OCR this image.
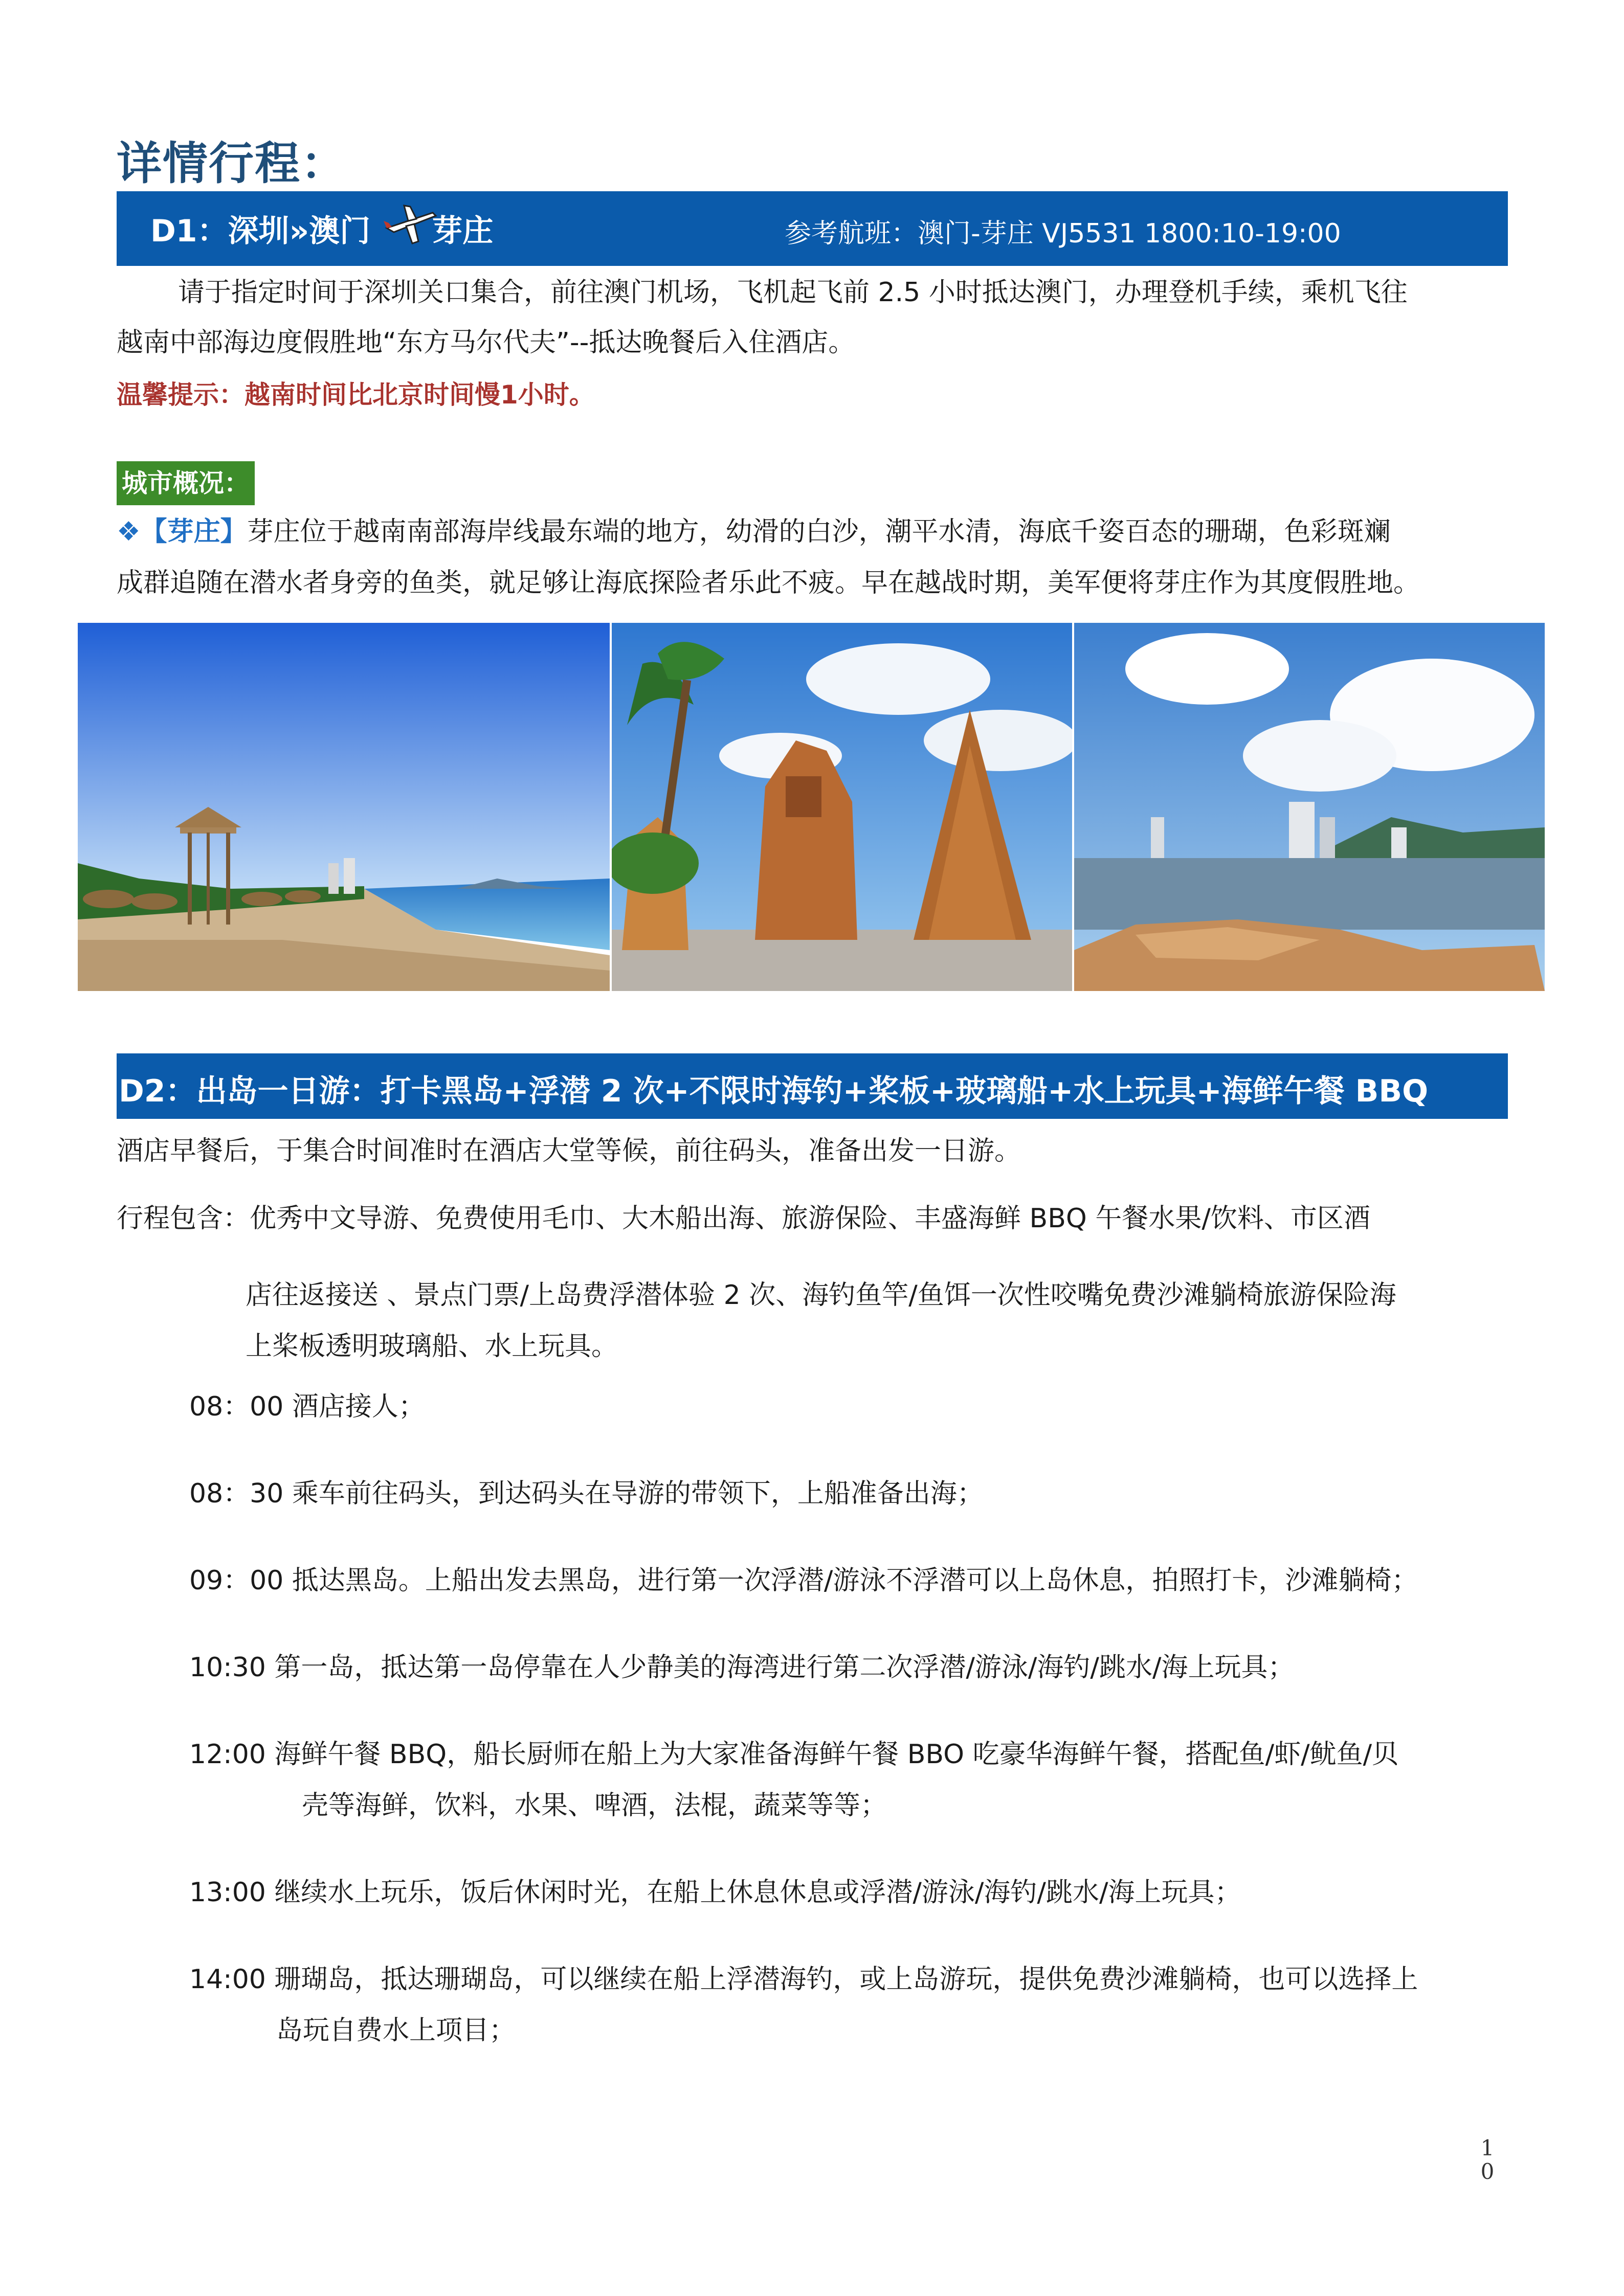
详情行程：
D1：深圳»澳门 芽庄	参考航班：澳门-芽庄 VJ5531 1800:10-19:00
请于指定时间于深圳关口集合，前往澳门机场，飞机起飞前 2.5 小时抵达澳门，办理登机手续，乘机飞往
越南中部海边度假胜地“东方马尔代夫”--抵达晚餐后入住酒店。
温馨提示：越南时间比北京时间慢1小时。
城市概况：
❖【芽庄】芽庄位于越南南部海岸线最东端的地方，幼滑的白沙，潮平水清，海底千姿百态的珊瑚，色彩斑斓
成群追随在潜水者身旁的鱼类，就足够让海底探险者乐此不疲。早在越战时期，美军便将芽庄作为其度假胜地。
D2：出岛一日游：打卡黑岛+浮潜 2 次+不限时海钓+桨板+玻璃船+水上玩具+海鲜午餐 BBQ
酒店早餐后，于集合时间准时在酒店大堂等候，前往码头，准备出发一日游。
行程包含：优秀中文导游、免费使用毛巾、大木船出海、旅游保险、丰盛海鲜 BBQ 午餐水果/饮料、市区酒
店往返接送 、景点门票/上岛费浮潜体验 2 次、海钓鱼竿/鱼饵一次性咬嘴免费沙滩躺椅旅游保险海
上桨板透明玻璃船、水上玩具。
08：00 酒店接人；
08：30 乘车前往码头，到达码头在导游的带领下，上船准备出海；
09：00 抵达黑岛。上船出发去黑岛，进行第一次浮潜/游泳不浮潜可以上岛休息，拍照打卡，沙滩躺椅；
10:30 第一岛，抵达第一岛停靠在人少静美的海湾进行第二次浮潜/游泳/海钓/跳水/海上玩具；
12:00 海鲜午餐 BBQ，船长厨师在船上为大家准备海鲜午餐 BBO 吃豪华海鲜午餐，搭配鱼/虾/鱿鱼/贝
壳等海鲜，饮料，水果、啤酒，法棍，蔬菜等等；
13:00 继续水上玩乐，饭后休闲时光，在船上休息休息或浮潜/游泳/海钓/跳水/海上玩具；
14:00 珊瑚岛，抵达珊瑚岛，可以继续在船上浮潜海钓，或上岛游玩，提供免费沙滩躺椅，也可以选择上
岛玩自费水上项目；
1
0
